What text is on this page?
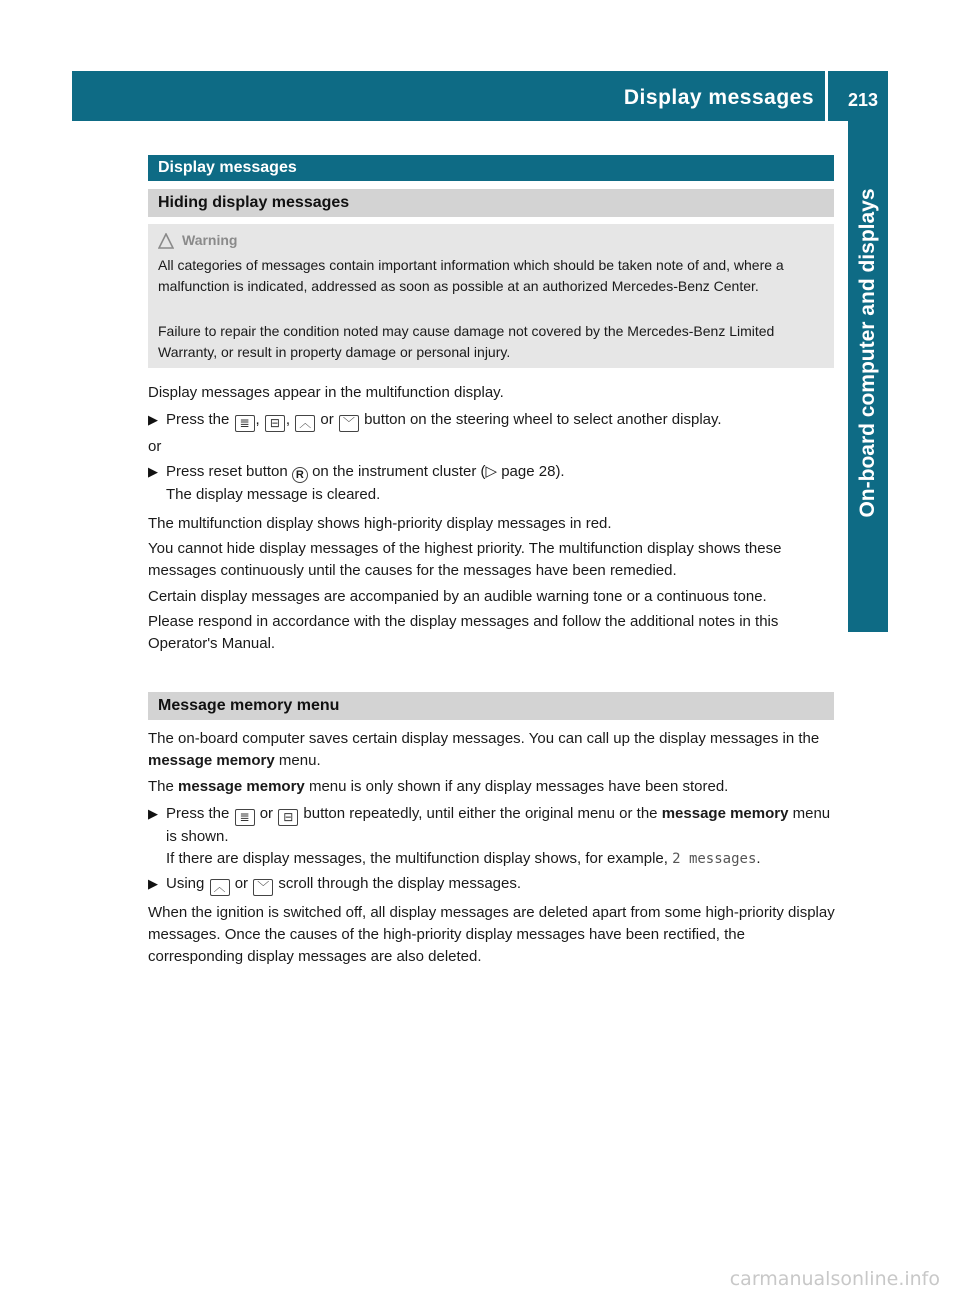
Display messages 213
On-board computer and displays
Display messages
Hiding display messages
Warning
All categories of messages contain important information which should be taken note of and, where a malfunction is indicated, addressed as soon as possible at an authorized Mercedes-Benz Center.
Failure to repair the condition noted may cause damage not covered by the Mercedes-Benz Limited Warranty, or result in property damage or personal injury.

Display messages appear in the multifunction display.

▶ Press the ≣ , ⊟ , ︿ or ﹀ button on the steering wheel to select another display.

or

▶ Press reset button R on the instrument cluster (▷ page 28).
The display message is cleared.

The multifunction display shows high-priority display messages in red.

You cannot hide display messages of the highest priority. The multifunction display shows these messages continuously until the causes for the messages have been remedied.

Certain display messages are accompanied by an audible warning tone or a continuous tone.

Please respond in accordance with the display messages and follow the additional notes in this Operator's Manual.

Message memory menu

The on-board computer saves certain display messages. You can call up the display messages in the message memory menu.

The message memory menu is only shown if any display messages have been stored.

▶ Press the ≣ or ⊟ button repeatedly, until either the original menu or the message memory menu is shown.
If there are display messages, the multifunction display shows, for example, 2 messages.
▶ Using ︿ or ﹀ scroll through the display messages.

When the ignition is switched off, all display messages are deleted apart from some high-priority display messages. Once the causes of the high-priority display messages have been rectified, the corresponding display messages are also deleted.

carmanualsonline.info
